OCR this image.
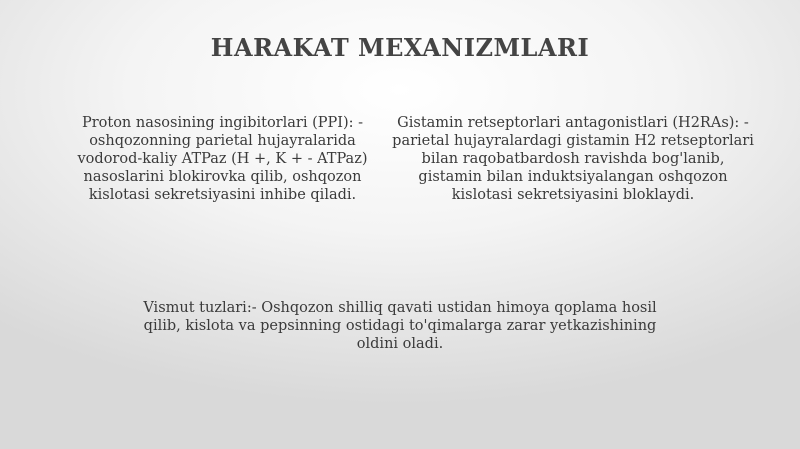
HARAKAT MEXANIZMLARI
Proton nasosining ingibitorlari (PPI): - oshqozonning parietal hujayralarida vodorod-kaliy ATPaz (H +, K + - ATPaz) nasoslarini blokirovka qilib, oshqozon kislotasi sekretsiyasini inhibe qiladi.
Gistamin retseptorlari antagonistlari (H2RAs): - parietal hujayralardagi gistamin H2 retseptorlari bilan raqobatbardosh ravishda bog'lanib, gistamin bilan induktsiyalangan oshqozon kislotasi sekretsiyasini bloklaydi.
Vismut tuzlari:- Oshqozon shilliq qavati ustidan himoya qoplama hosil qilib, kislota va pepsinning ostidagi to'qimalarga zarar yetkazishining oldini oladi.
